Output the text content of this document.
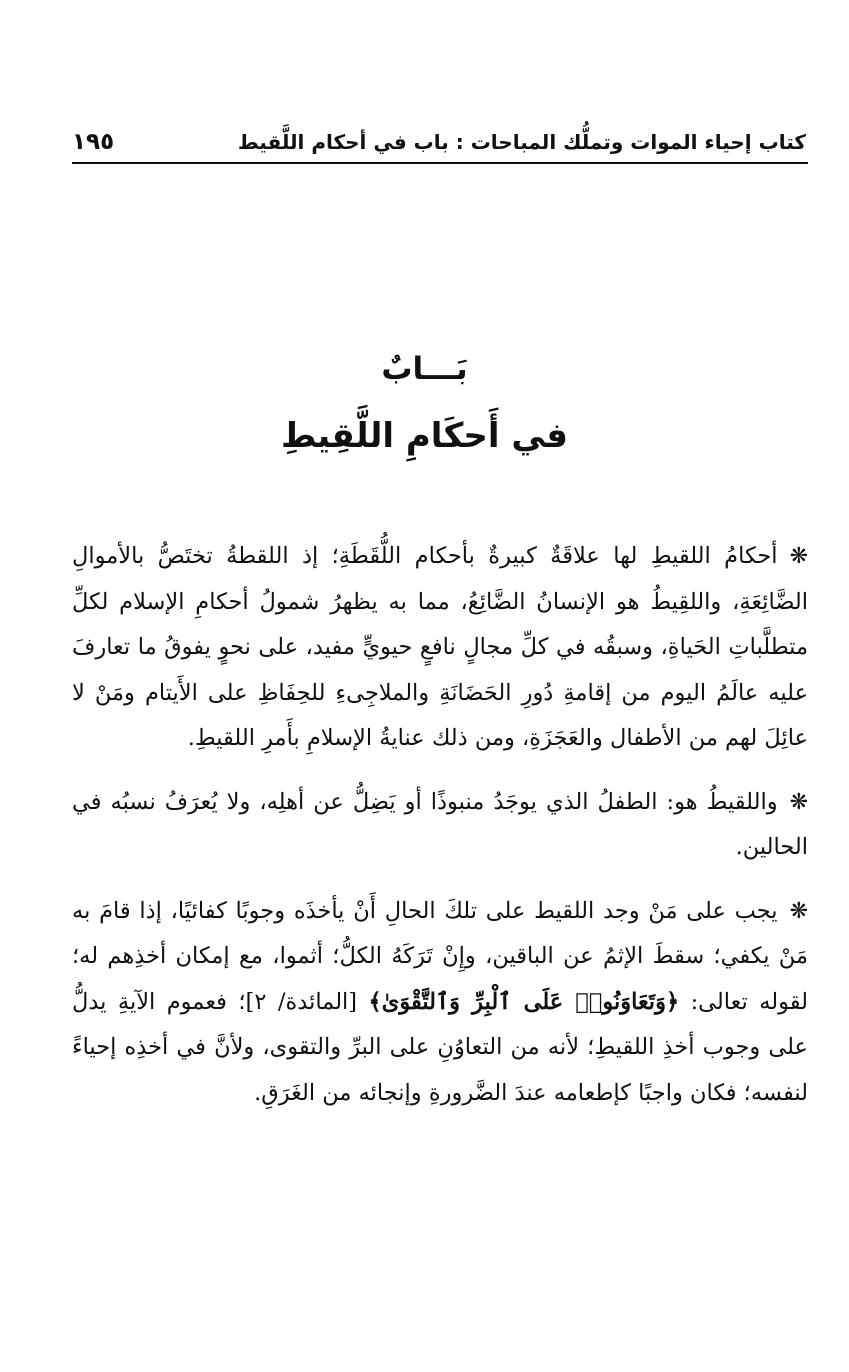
كتاب إحياء الموات وتملُّك المباحات : باب في أحكام اللَّقيط
١٩٥
بَـــابٌ
في أَحكَامِ اللَّقِيطِ

❋أحكامُ اللقيطِ لها علاقَةٌ كبيرةٌ بأحكام اللُّقَطَةِ؛ إذ اللقطةُ تختَصُّ بالأموالِ الضَّائِعَةِ، واللقِيطُ هو الإنسانُ الضَّائِعُ، مما به يظهرُ شمولُ أحكامِ الإسلام لكلِّ متطلَّباتِ الحَياةِ، وسبقُه في كلِّ مجالٍ نافعٍ حيويٍّ مفيد، على نحوٍ يفوقُ ما تعارفَ عليه عالَمُ اليوم من إقامةِ دُورِ الحَضَانَةِ والملاجِىءِ للحِفَاظِ على الأَيتام ومَنْ لا عائِلَ لهم من الأطفال والعَجَزَةِ، ومن ذلك عنايةُ الإسلامِ بأَمرِ اللقيطِ.

❋واللقيطُ هو: الطفلُ الذي يوجَدُ منبوذًا أو يَضِلُّ عن أهلِه، ولا يُعرَفُ نسبُه في الحالين.

❋يجب على مَنْ وجد اللقيط على تلكَ الحالِ أَنْ يأخذَه وجوبًا كفائيًا، إذا قامَ به مَنْ يكفي؛ سقطَ الإثمُ عن الباقين، وإِنْ تَرَكَهُ الكلُّ؛ أثموا، مع إمكان أخذِهم له؛ لقوله تعالى: ﴿وَتَعَاوَنُوا۟ عَلَى ٱلْبِرِّ وَٱلتَّقْوَىٰ﴾ [المائدة/ ٢]؛ فعموم الآيةِ يدلُّ على وجوب أخذِ اللقيطِ؛ لأنه من التعاوُنِ على البرِّ والتقوى، ولأنَّ في أخذِه إحياءً لنفسه؛ فكان واجبًا كإطعامه عندَ الضَّرورةِ وإنجائه من الغَرَقِ.
